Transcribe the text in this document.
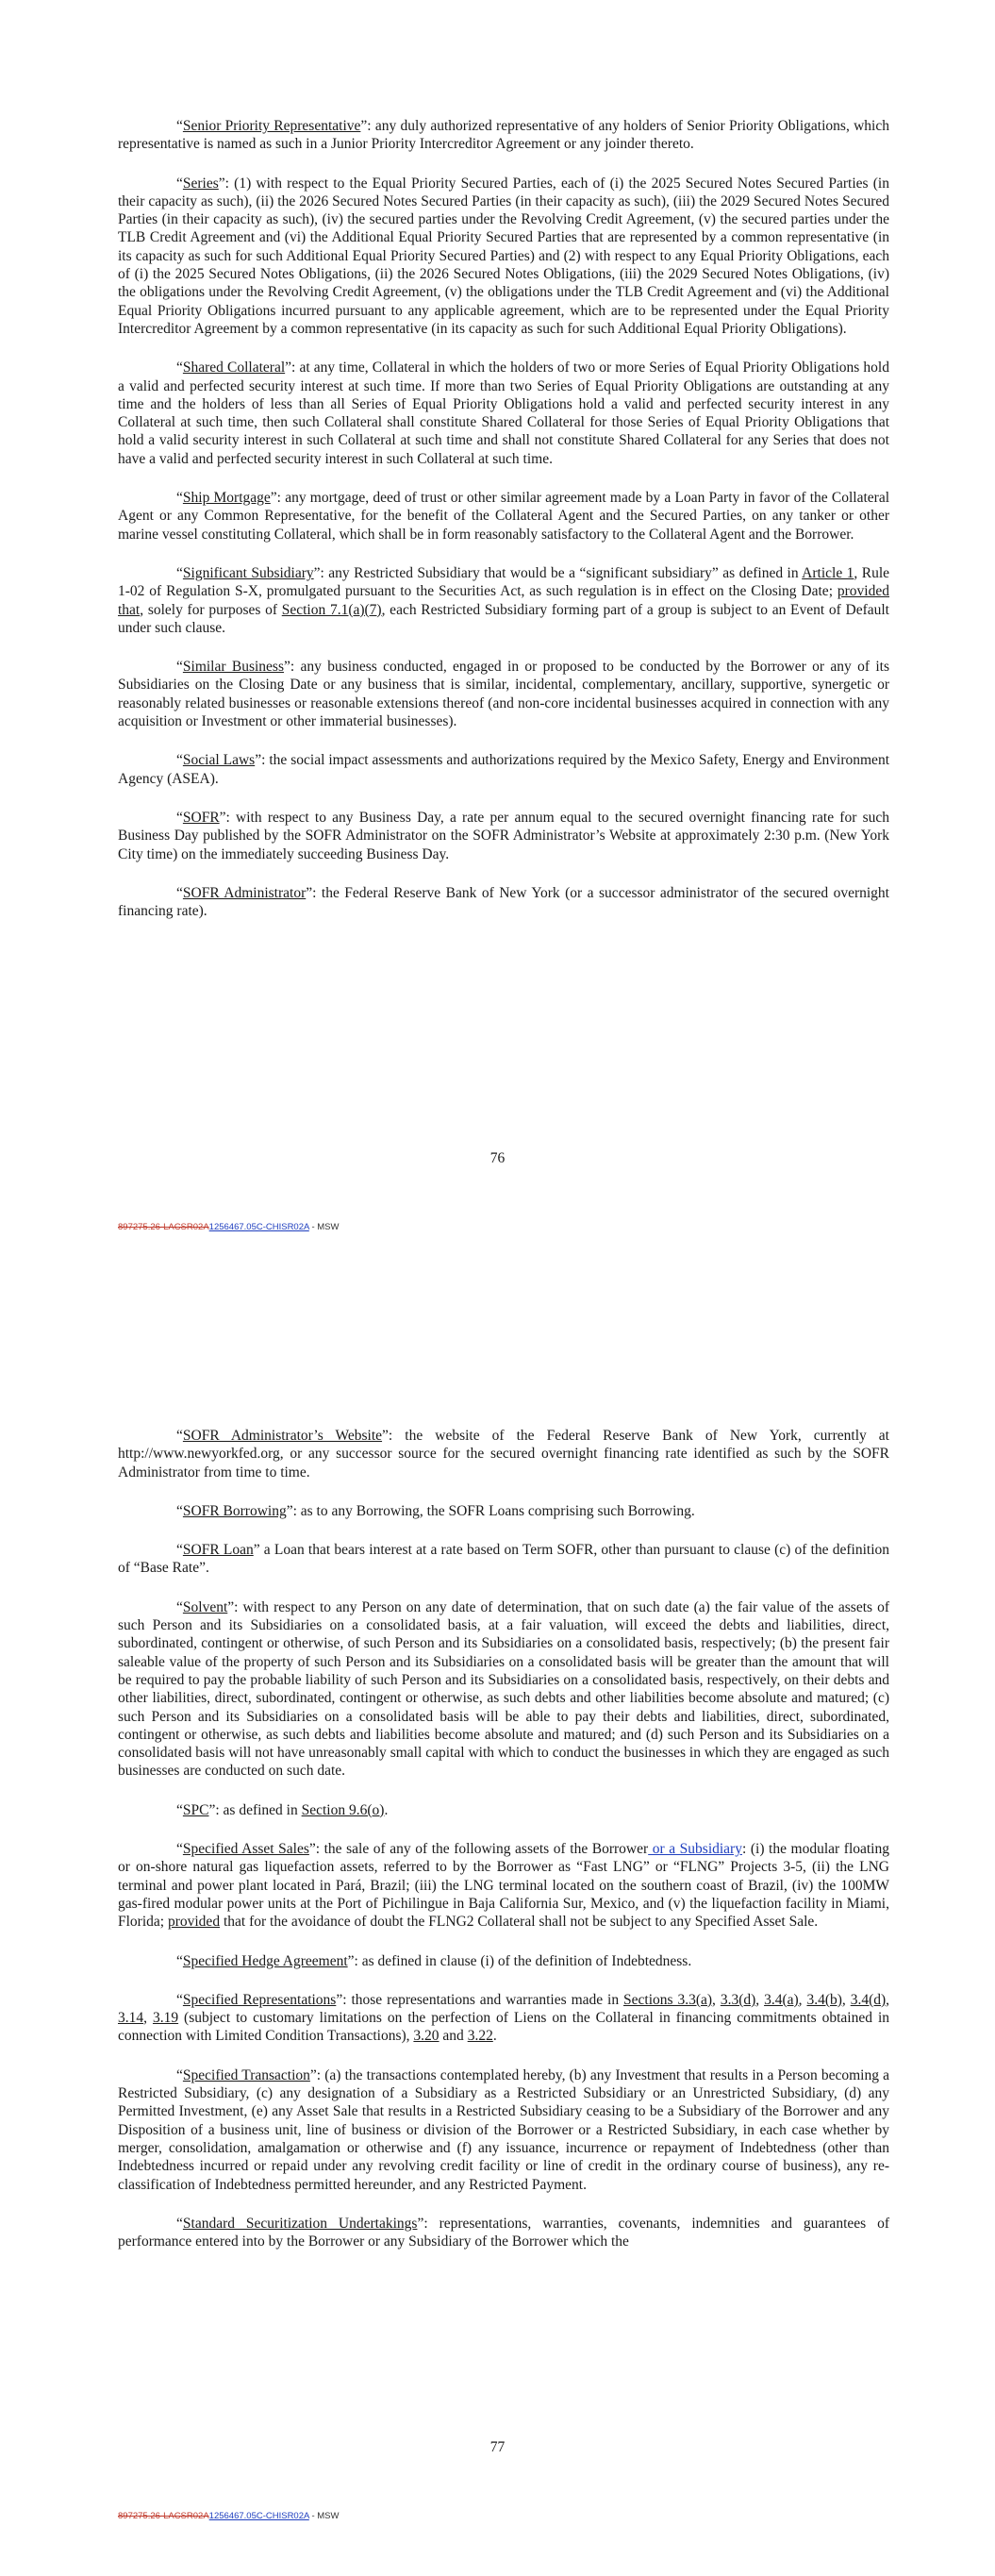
“Senior Priority Representative”: any duly authorized representative of any holders of Senior Priority Obligations, which representative is named as such in a Junior Priority Intercreditor Agreement or any joinder thereto.

“Series”: (1) with respect to the Equal Priority Secured Parties, each of (i) the 2025 Secured Notes Secured Parties (in their capacity as such), (ii) the 2026 Secured Notes Secured Parties (in their capacity as such), (iii) the 2029 Secured Notes Secured Parties (in their capacity as such), (iv) the secured parties under the Revolving Credit Agreement, (v) the secured parties under the TLB Credit Agreement and (vi) the Additional Equal Priority Secured Parties that are represented by a common representative (in its capacity as such for such Additional Equal Priority Secured Parties) and (2) with respect to any Equal Priority Obligations, each of (i) the 2025 Secured Notes Obligations, (ii) the 2026 Secured Notes Obligations, (iii) the 2029 Secured Notes Obligations, (iv) the obligations under the Revolving Credit Agreement, (v) the obligations under the TLB Credit Agreement and (vi) the Additional Equal Priority Obligations incurred pursuant to any applicable agreement, which are to be represented under the Equal Priority Intercreditor Agreement by a common representative (in its capacity as such for such Additional Equal Priority Obligations).

“Shared Collateral”: at any time, Collateral in which the holders of two or more Series of Equal Priority Obligations hold a valid and perfected security interest at such time. If more than two Series of Equal Priority Obligations are outstanding at any time and the holders of less than all Series of Equal Priority Obligations hold a valid and perfected security interest in any Collateral at such time, then such Collateral shall constitute Shared Collateral for those Series of Equal Priority Obligations that hold a valid security interest in such Collateral at such time and shall not constitute Shared Collateral for any Series that does not have a valid and perfected security interest in such Collateral at such time.

“Ship Mortgage”: any mortgage, deed of trust or other similar agreement made by a Loan Party in favor of the Collateral Agent or any Common Representative, for the benefit of the Collateral Agent and the Secured Parties, on any tanker or other marine vessel constituting Collateral, which shall be in form reasonably satisfactory to the Collateral Agent and the Borrower.

“Significant Subsidiary”: any Restricted Subsidiary that would be a “significant subsidiary” as defined in Article 1, Rule 1-02 of Regulation S-X, promulgated pursuant to the Securities Act, as such regulation is in effect on the Closing Date; provided that, solely for purposes of Section 7.1(a)(7), each Restricted Subsidiary forming part of a group is subject to an Event of Default under such clause.

“Similar Business”: any business conducted, engaged in or proposed to be conducted by the Borrower or any of its Subsidiaries on the Closing Date or any business that is similar, incidental, complementary, ancillary, supportive, synergetic or reasonably related businesses or reasonable extensions thereof (and non-core incidental businesses acquired in connection with any acquisition or Investment or other immaterial businesses).

“Social Laws”: the social impact assessments and authorizations required by the Mexico Safety, Energy and Environment Agency (ASEA).

“SOFR”: with respect to any Business Day, a rate per annum equal to the secured overnight financing rate for such Business Day published by the SOFR Administrator on the SOFR Administrator’s Website at approximately 2:30 p.m. (New York City time) on the immediately succeeding Business Day.

“SOFR Administrator”: the Federal Reserve Bank of New York (or a successor administrator of the secured overnight financing rate).

76
897275.26-LACSR02A1256467.05C-CHISR02A - MSW

“SOFR Administrator’s Website”: the website of the Federal Reserve Bank of New York, currently at http://www.newyorkfed.org, or any successor source for the secured overnight financing rate identified as such by the SOFR Administrator from time to time.

“SOFR Borrowing”: as to any Borrowing, the SOFR Loans comprising such Borrowing.

“SOFR Loan” a Loan that bears interest at a rate based on Term SOFR, other than pursuant to clause (c) of the definition of “Base Rate”.

“Solvent”: with respect to any Person on any date of determination, that on such date (a) the fair value of the assets of such Person and its Subsidiaries on a consolidated basis, at a fair valuation, will exceed the debts and liabilities, direct, subordinated, contingent or otherwise, of such Person and its Subsidiaries on a consolidated basis, respectively; (b) the present fair saleable value of the property of such Person and its Subsidiaries on a consolidated basis will be greater than the amount that will be required to pay the probable liability of such Person and its Subsidiaries on a consolidated basis, respectively, on their debts and other liabilities, direct, subordinated, contingent or otherwise, as such debts and other liabilities become absolute and matured; (c) such Person and its Subsidiaries on a consolidated basis will be able to pay their debts and liabilities, direct, subordinated, contingent or otherwise, as such debts and liabilities become absolute and matured; and (d) such Person and its Subsidiaries on a consolidated basis will not have unreasonably small capital with which to conduct the businesses in which they are engaged as such businesses are conducted on such date.

“SPC”: as defined in Section 9.6(o).

“Specified Asset Sales”: the sale of any of the following assets of the Borrower or a Subsidiary: (i) the modular floating or on-shore natural gas liquefaction assets, referred to by the Borrower as “Fast LNG” or “FLNG” Projects 3-5, (ii) the LNG terminal and power plant located in Pará, Brazil; (iii) the LNG terminal located on the southern coast of Brazil, (iv) the 100MW gas-fired modular power units at the Port of Pichilingue in Baja California Sur, Mexico, and (v) the liquefaction facility in Miami, Florida; provided that for the avoidance of doubt the FLNG2 Collateral shall not be subject to any Specified Asset Sale.

“Specified Hedge Agreement”: as defined in clause (i) of the definition of Indebtedness.

“Specified Representations”: those representations and warranties made in Sections 3.3(a), 3.3(d), 3.4(a), 3.4(b), 3.4(d), 3.14, 3.19 (subject to customary limitations on the perfection of Liens on the Collateral in financing commitments obtained in connection with Limited Condition Transactions), 3.20 and 3.22.

“Specified Transaction”: (a) the transactions contemplated hereby, (b) any Investment that results in a Person becoming a Restricted Subsidiary, (c) any designation of a Subsidiary as a Restricted Subsidiary or an Unrestricted Subsidiary, (d) any Permitted Investment, (e) any Asset Sale that results in a Restricted Subsidiary ceasing to be a Subsidiary of the Borrower and any Disposition of a business unit, line of business or division of the Borrower or a Restricted Subsidiary, in each case whether by merger, consolidation, amalgamation or otherwise and (f) any issuance, incurrence or repayment of Indebtedness (other than Indebtedness incurred or repaid under any revolving credit facility or line of credit in the ordinary course of business), any re-classification of Indebtedness permitted hereunder, and any Restricted Payment.

“Standard Securitization Undertakings”: representations, warranties, covenants, indemnities and guarantees of performance entered into by the Borrower or any Subsidiary of the Borrower which the

77
897275.26-LACSR02A1256467.05C-CHISR02A - MSW
